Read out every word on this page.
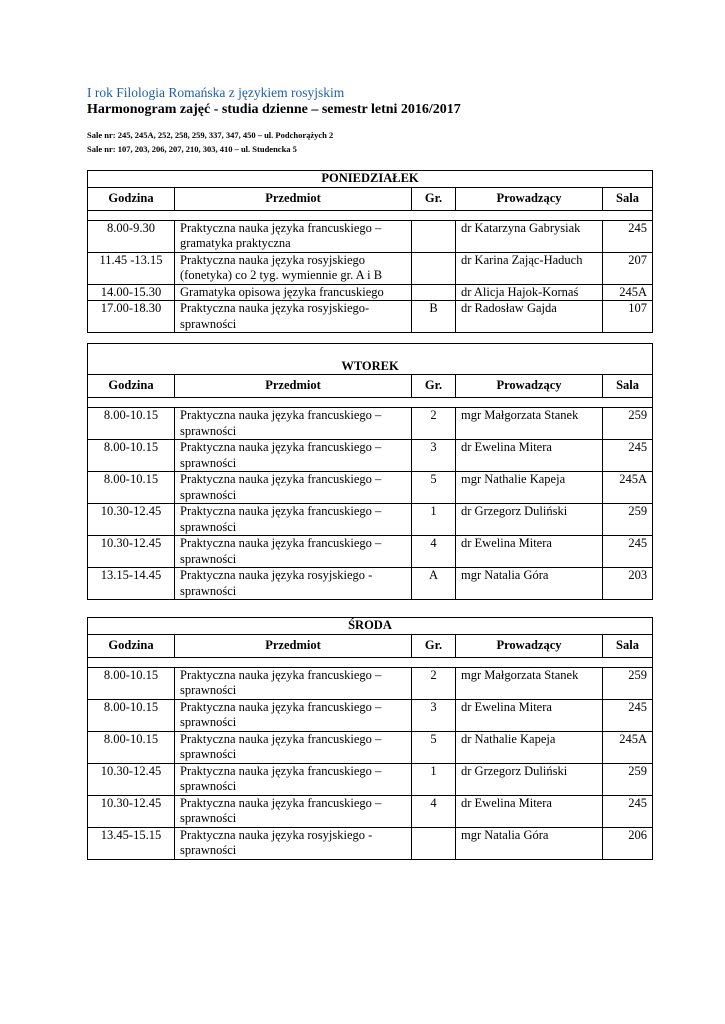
I rok Filologia Romańska z językiem rosyjskim
Harmonogram zajęć - studia dzienne – semestr letni 2016/2017
Sale nr: 245, 245A, 252, 258, 259, 337, 347, 450 – ul. Podchorążych 2
Sale nr: 107, 203, 206, 207, 210, 303, 410 – ul. Studencka 5
PONIEDZIAŁEK				
Godzina	Przedmiot	Gr.	Prowadzący	Sala

8.00-9.30	Praktyczna nauka języka francuskiego – gramatyka praktyczna		dr Katarzyna Gabrysiak	245
11.45 -13.15	Praktyczna nauka języka rosyjskiego (fonetyka) co 2 tyg. wymiennie gr. A i B		dr Karina Zając-Haduch	207
14.00-15.30	Gramatyka opisowa języka francuskiego		dr Alicja Hajok-Kornaś	245A
17.00-18.30	Praktyczna nauka języka rosyjskiego-sprawności	B	dr Radosław Gajda	107
WTOREK				
Godzina	Przedmiot	Gr.	Prowadzący	Sala

8.00-10.15	Praktyczna nauka języka francuskiego – sprawności	2	mgr Małgorzata Stanek	259
8.00-10.15	Praktyczna nauka języka francuskiego – sprawności	3	dr Ewelina Mitera	245
8.00-10.15	Praktyczna nauka języka francuskiego – sprawności	5	mgr Nathalie Kapeja	245A
10.30-12.45	Praktyczna nauka języka francuskiego – sprawności	1	dr Grzegorz Duliński	259
10.30-12.45	Praktyczna nauka języka francuskiego – sprawności	4	dr Ewelina Mitera	245
13.15-14.45	Praktyczna nauka języka rosyjskiego - sprawności	A	mgr Natalia Góra	203
ŚRODA				
Godzina	Przedmiot	Gr.	Prowadzący	Sala

8.00-10.15	Praktyczna nauka języka francuskiego – sprawności	2	mgr Małgorzata Stanek	259
8.00-10.15	Praktyczna nauka języka francuskiego – sprawności	3	dr Ewelina Mitera	245
8.00-10.15	Praktyczna nauka języka francuskiego – sprawności	5	dr Nathalie Kapeja	245A
10.30-12.45	Praktyczna nauka języka francuskiego – sprawności	1	dr Grzegorz Duliński	259
10.30-12.45	Praktyczna nauka języka francuskiego – sprawności	4	dr Ewelina Mitera	245
13.45-15.15	Praktyczna nauka języka rosyjskiego - sprawności		mgr Natalia Góra	206
